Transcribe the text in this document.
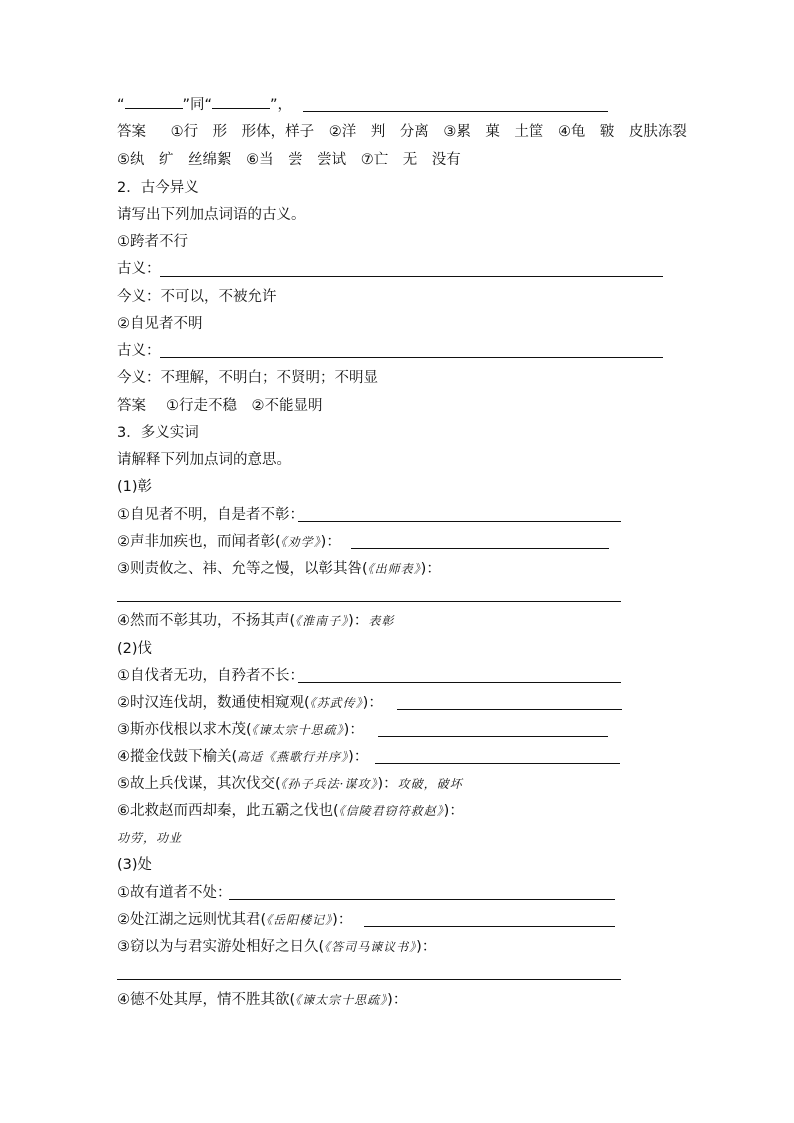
“	”同“	”，
答案 ①行　形　形体，样子 ②洋　判　分离 ③累　菓　土筐 ④龟　皲　皮肤冻裂
⑤纨　纩　丝绵絮 ⑥当　尝　尝试 ⑦亡　无　没有
2．古今异义
请写出下列加点词语的古义。
①跨者不行
古义：
今义：不可以，不被允许
②自见者不明
古义：
今义：不理解，不明白；不贤明；不明显
答案 ①行走不稳　②不能显明
3．多义实词
请解释下列加点词的意思。
(1)彰
①自见者不明，自是者不彰：
②声非加疾也，而闻者彰(《劝学》)：
③则责攸之、祎、允等之慢，以彰其咎(《出师表》)：
④然而不彰其功，不扬其声(《淮南子》)：表彰
(2)伐
①自伐者无功，自矜者不长：
②时汉连伐胡，数通使相窥观(《苏武传》)：
③斯亦伐根以求木茂(《谏太宗十思疏》)：
④摐金伐鼓下榆关(高适《燕歌行并序》)：
⑤故上兵伐谋，其次伐交(《孙子兵法·谋攻》)：攻破，破坏
⑥北救赵而西却秦，此五霸之伐也(《信陵君窃符救赵》)：
功劳，功业
(3)处
①故有道者不处：
②处江湖之远则忧其君(《岳阳楼记》)：
③窃以为与君实游处相好之日久(《答司马谏议书》)：
④德不处其厚，情不胜其欲(《谏太宗十思疏》)：
